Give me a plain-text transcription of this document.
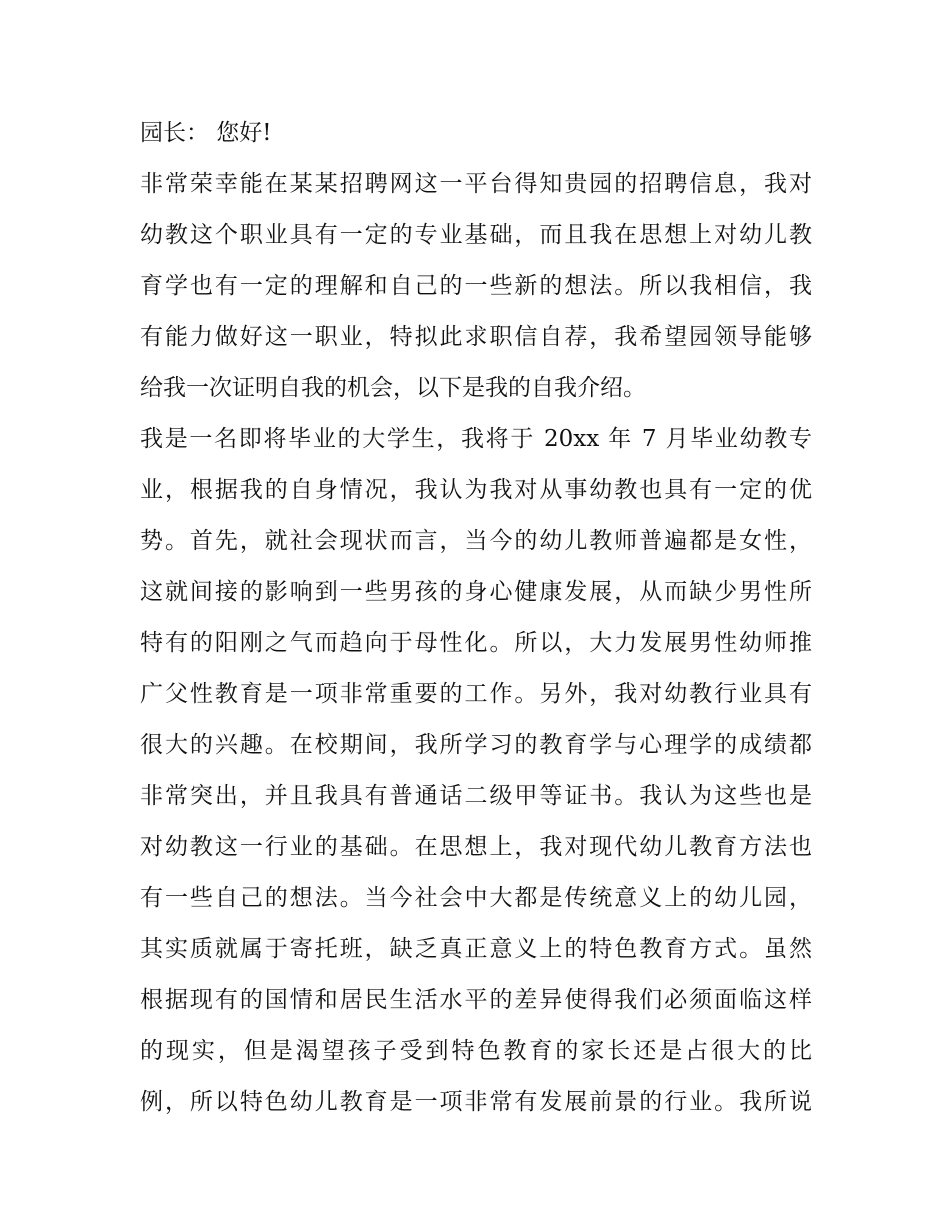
园长： 您好!
非常荣幸能在某某招聘网这一平台得知贵园的招聘信息，我对
幼教这个职业具有一定的专业基础，而且我在思想上对幼儿教
育学也有一定的理解和自己的一些新的想法。所以我相信，我
有能力做好这一职业，特拟此求职信自荐，我希望园领导能够
给我一次证明自我的机会，以下是我的自我介绍。
我是一名即将毕业的大学生，我将于 20xx 年 7 月毕业幼教专
业，根据我的自身情况，我认为我对从事幼教也具有一定的优
势。首先，就社会现状而言，当今的幼儿教师普遍都是女性，
这就间接的影响到一些男孩的身心健康发展，从而缺少男性所
特有的阳刚之气而趋向于母性化。所以，大力发展男性幼师推
广父性教育是一项非常重要的工作。另外，我对幼教行业具有
很大的兴趣。在校期间，我所学习的教育学与心理学的成绩都
非常突出，并且我具有普通话二级甲等证书。我认为这些也是
对幼教这一行业的基础。在思想上，我对现代幼儿教育方法也
有一些自己的想法。当今社会中大都是传统意义上的幼儿园，
其实质就属于寄托班，缺乏真正意义上的特色教育方式。虽然
根据现有的国情和居民生活水平的差异使得我们必须面临这样
的现实，但是渴望孩子受到特色教育的家长还是占很大的比
例，所以特色幼儿教育是一项非常有发展前景的行业。我所说
